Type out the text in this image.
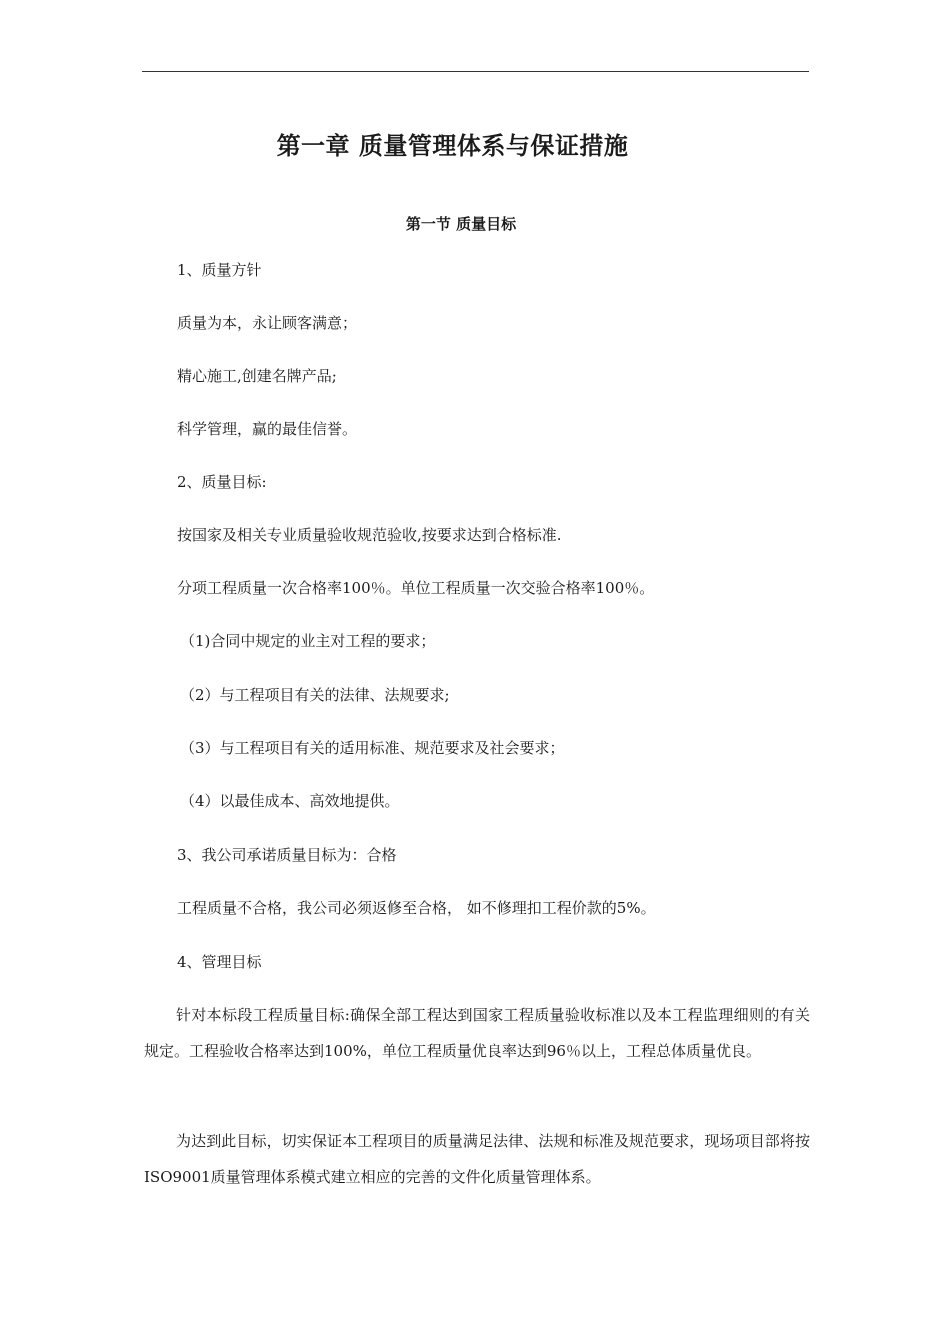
第一章 质量管理体系与保证措施
第一节 质量目标

1、质量方针

质量为本，永让顾客满意；

精心施工,创建名牌产品;

科学管理，赢的最佳信誉。

2、质量目标:

按国家及相关专业质量验收规范验收,按要求达到合格标准.

分项工程质量一次合格率100％。单位工程质量一次交验合格率100％。

（1)合同中规定的业主对工程的要求；

（2）与工程项目有关的法律、法规要求;

（3）与工程项目有关的适用标准、规范要求及社会要求；

（4）以最佳成本、高效地提供。

3、我公司承诺质量目标为：合格

工程质量不合格，我公司必须返修至合格， 如不修理扣工程价款的5%。

4、管理目标

针对本标段工程质量目标:确保全部工程达到国家工程质量验收标准以及本工程监理细则的有关规定。工程验收合格率达到100%，单位工程质量优良率达到96％以上，工程总体质量优良。

为达到此目标，切实保证本工程项目的质量满足法律、法规和标准及规范要求，现场项目部将按ISO9001质量管理体系模式建立相应的完善的文件化质量管理体系。
